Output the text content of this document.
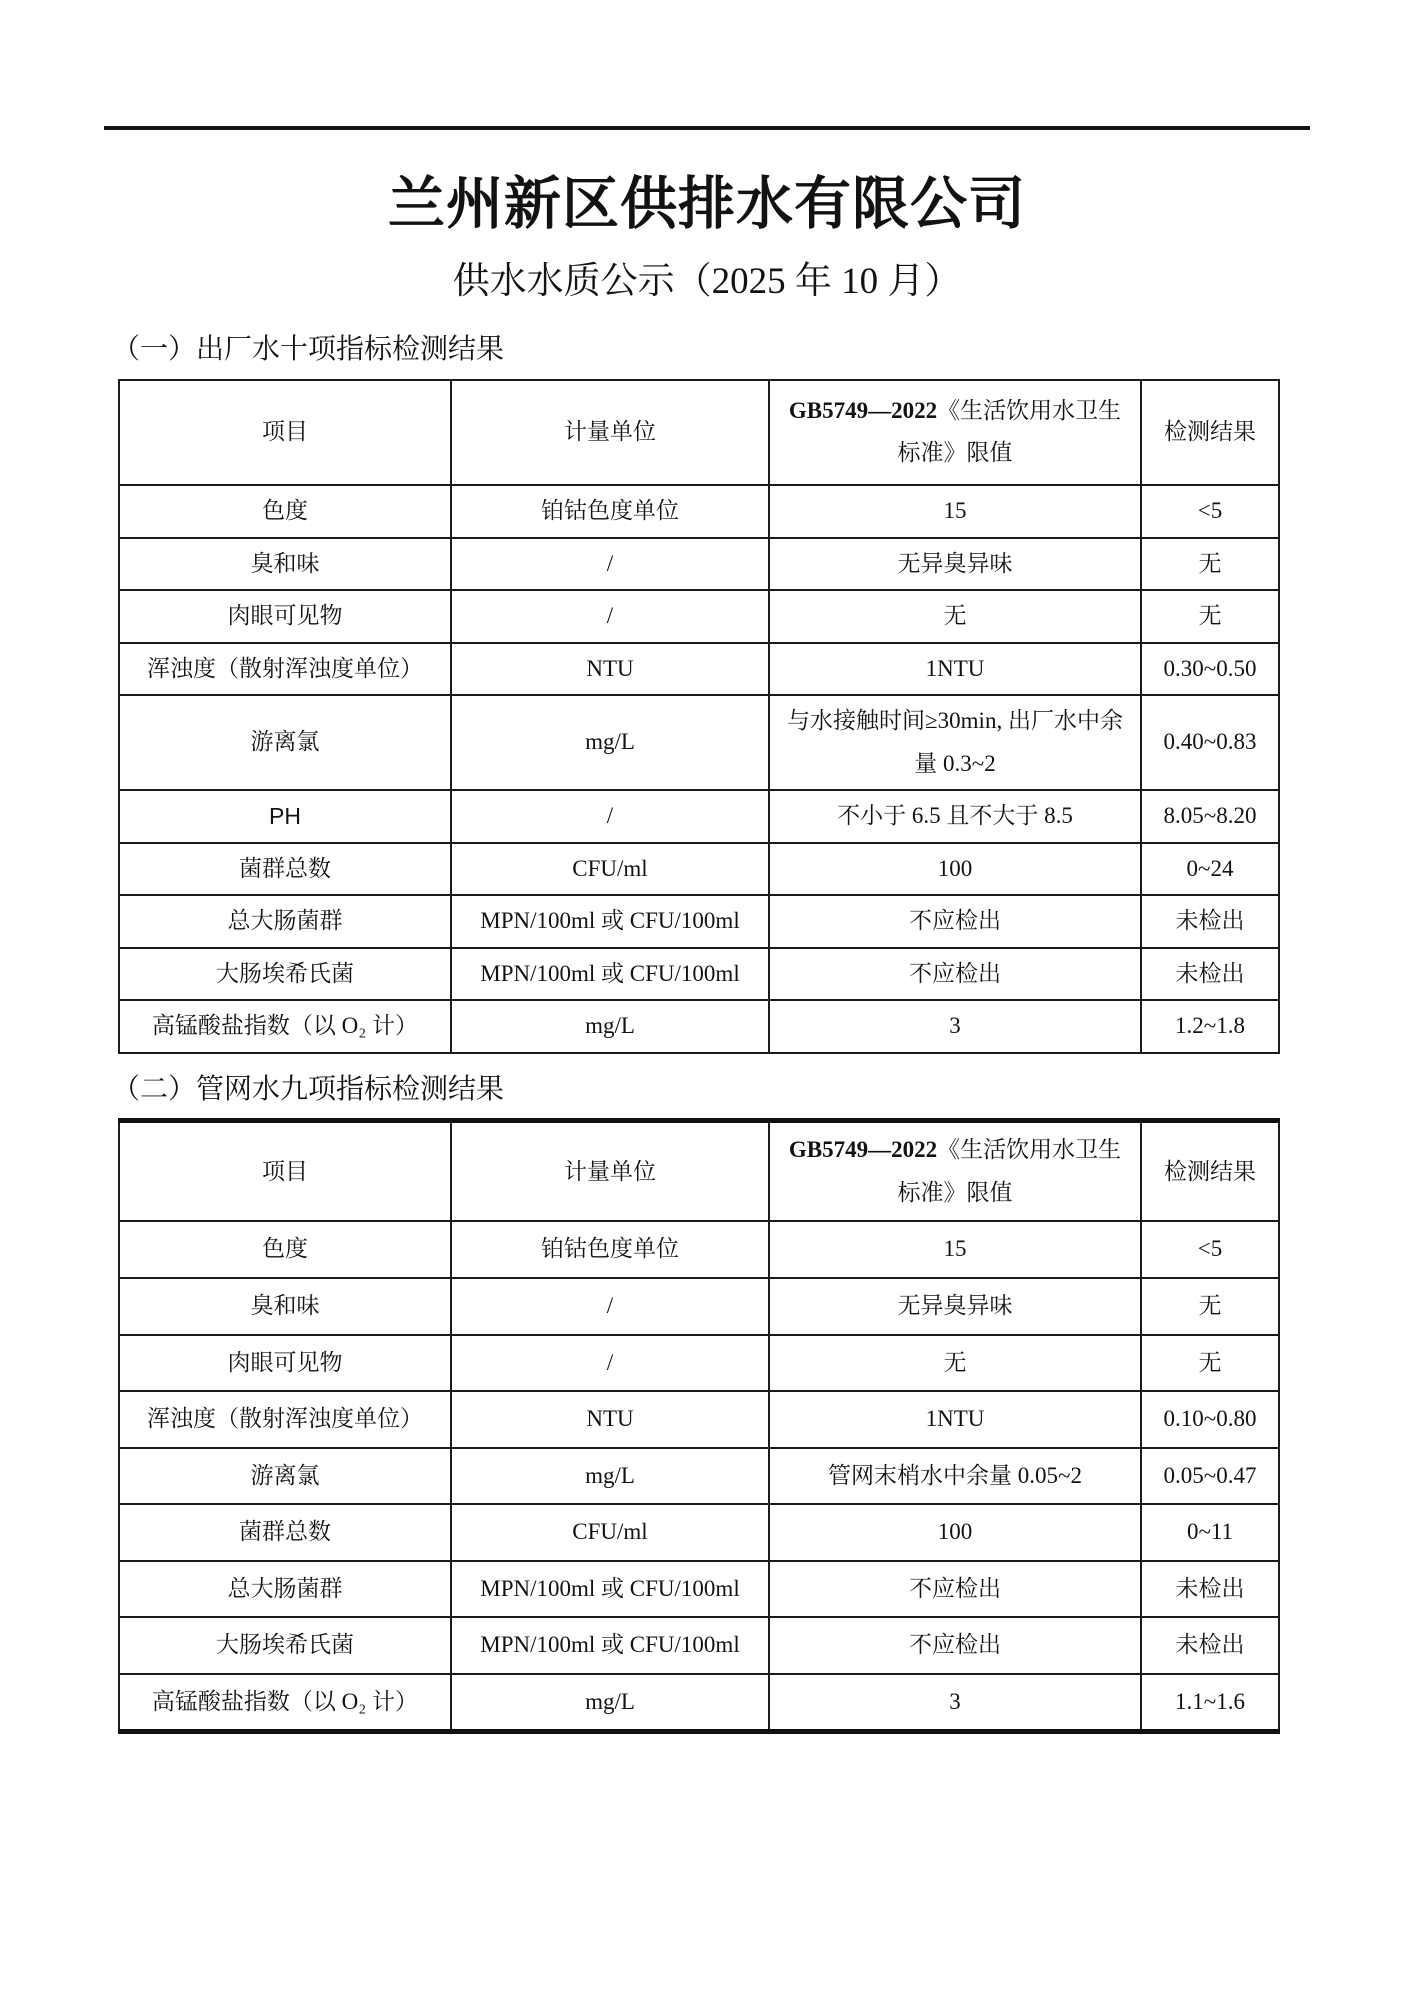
兰州新区供排水有限公司
供水水质公示（2025 年 10 月）
（一）出厂水十项指标检测结果
项目	计量单位	GB5749—2022《生活饮用水卫生标准》限值	检测结果
色度	铂钴色度单位	15	<5
臭和味	/	无异臭异味	无
肉眼可见物	/	无	无
浑浊度（散射浑浊度单位）	NTU	1NTU	0.30~0.50
游离氯	mg/L	与水接触时间≥30min, 出厂水中余量 0.3~2	0.40~0.83
PH	/	不小于 6.5 且不大于 8.5	8.05~8.20
菌群总数	CFU/ml	100	0~24
总大肠菌群	MPN/100ml 或 CFU/100ml	不应检出	未检出
大肠埃希氏菌	MPN/100ml 或 CFU/100ml	不应检出	未检出
高锰酸盐指数（以 O₂ 计）	mg/L	3	1.2~1.8
（二）管网水九项指标检测结果
项目	计量单位	GB5749—2022《生活饮用水卫生标准》限值	检测结果
色度	铂钴色度单位	15	<5
臭和味	/	无异臭异味	无
肉眼可见物	/	无	无
浑浊度（散射浑浊度单位）	NTU	1NTU	0.10~0.80
游离氯	mg/L	管网末梢水中余量 0.05~2	0.05~0.47
菌群总数	CFU/ml	100	0~11
总大肠菌群	MPN/100ml 或 CFU/100ml	不应检出	未检出
大肠埃希氏菌	MPN/100ml 或 CFU/100ml	不应检出	未检出
高锰酸盐指数（以 O₂ 计）	mg/L	3	1.1~1.6
